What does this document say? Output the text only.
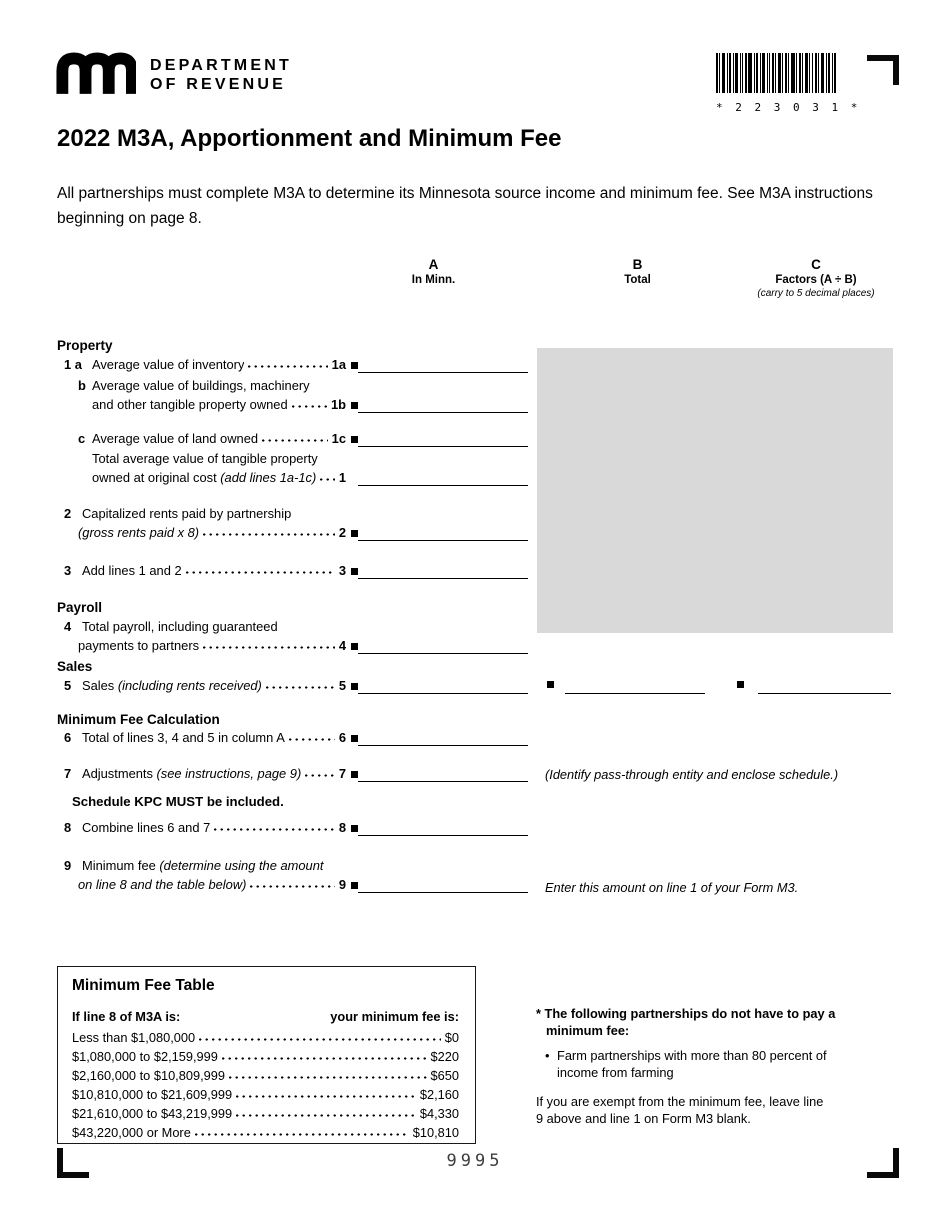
DEPARTMENT
OF REVENUE
* 2 2 3 0 3 1 *
2022 M3A, Apportionment and Minimum Fee
All partnerships must complete M3A to determine its Minnesota source income and minimum fee. See M3A instructions beginning on page 8.
A
In Minn.
B
Total
C
Factors (A ÷ B)
(carry to 5 decimal places)
Property
1 a Average value of inventory	1a
b Average value of buildings, machinery
and other tangible property owned	1b
c Average value of land owned	1c
Total average value of tangible property
owned at original cost (add lines 1a-1c) 1
2 Capitalized rents paid by partnership
(gross rents paid x 8)	2
3 Add lines 1 and 2	3
Payroll
4 Total payroll, including guaranteed
payments to partners	4
Sales
5 Sales (including rents received)	5
Minimum Fee Calculation
6 Total of lines 3, 4 and 5 in column A	6
7 Adjustments (see instructions, page 9)	7	(Identify pass-through entity and enclose schedule.)
Schedule KPC MUST be included.
8 Combine lines 6 and 7	8
9 Minimum fee (determine using the amount
on line 8 and the table below)	9	Enter this amount on line 1 of your Form M3.
Minimum Fee Table
If line 8 of M3A is:	your minimum fee is:
Less than $1,080,000	$0
$1,080,000 to $2,159,999	$220
$2,160,000 to $10,809,999	$650
$10,810,000 to $21,609,999	$2,160
$21,610,000 to $43,219,999	$4,330
$43,220,000 or More	$10,810
* The following partnerships do not have to pay a minimum fee:
•
Farm partnerships with more than 80 percent of income from farming
If you are exempt from the minimum fee, leave line 9 above and line 1 on Form M3 blank.
9995
